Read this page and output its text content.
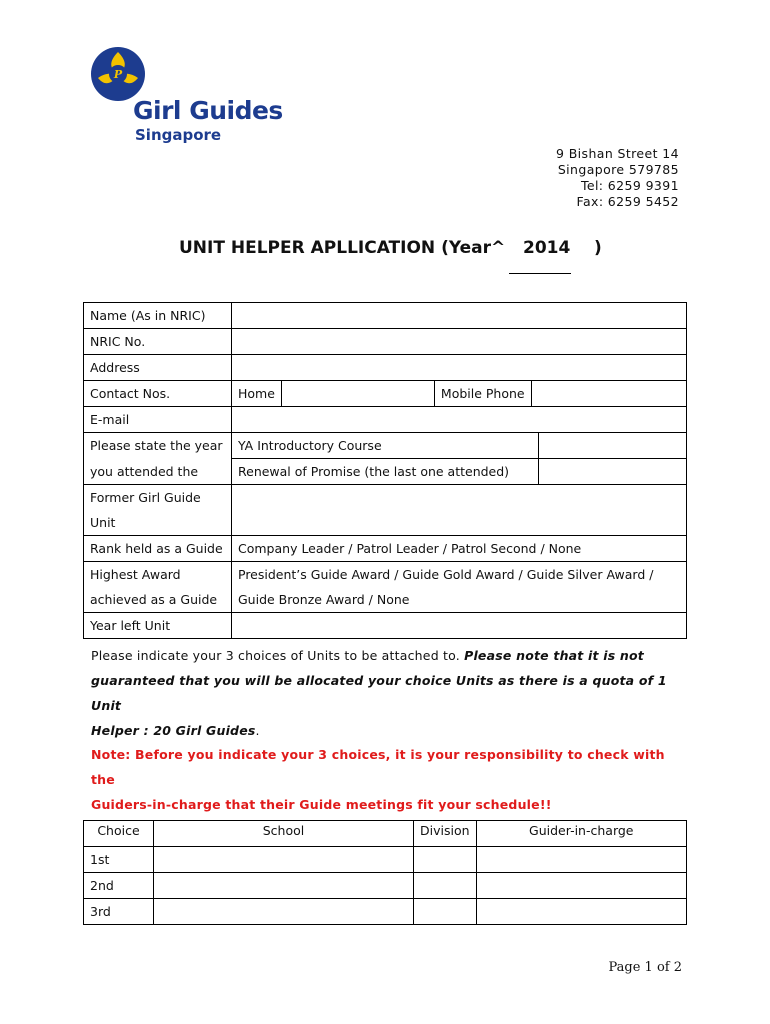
P
Girl Guides
Singapore
9 Bishan Street 14
Singapore 579785
Tel: 6259 9391
Fax: 6259 5452
UNIT HELPER APLLICATION (Year^ 2014 )
Name (As in NRIC)	
NRIC No.	
Address	
Contact Nos.		Home		Mobile Phone	

E-mail	
Please state the year	YA Introductory Course	

you attended the		Renewal of Promise (the last one attended)	

Former Girl Guide	
Unit
Rank held as a Guide	Company Leader / Patrol Leader / Patrol Second / None
Highest Award	President’s Guide Award / Guide Gold Award / Guide Silver Award /
achieved as a Guide	Guide Bronze Award / None
Year left Unit	
Please indicate your 3 choices of Units to be attached to. Please note that it is not
guaranteed that you will be allocated your choice Units as there is a quota of 1 Unit
Helper : 20 Girl Guides.
Note: Before you indicate your 3 choices, it is your responsibility to check with the
Guiders-in-charge that their Guide meetings fit your schedule!!
Choice	School	Division	Guider-in-charge
1st			
2nd			
3rd			
Page 1 of 2
